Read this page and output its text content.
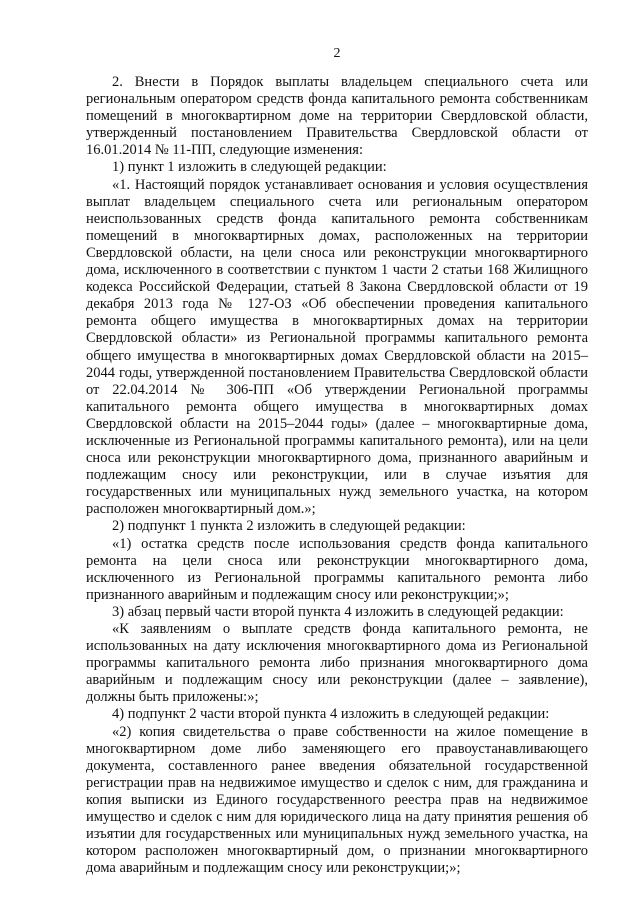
2

2. Внести в Порядок выплаты владельцем специального счета или региональным оператором средств фонда капитального ремонта собственникам помещений в многоквартирном доме на территории Свердловской области, утвержденный постановлением Правительства Свердловской области от 16.01.2014 № 11-ПП, следующие изменения:

1) пункт 1 изложить в следующей редакции:

«1. Настоящий порядок устанавливает основания и условия осуществления выплат владельцем специального счета или региональным оператором неиспользованных средств фонда капитального ремонта собственникам помещений в многоквартирных домах, расположенных на территории Свердловской области, на цели сноса или реконструкции многоквартирного дома, исключенного в соответствии с пунктом 1 части 2 статьи 168 Жилищного кодекса Российской Федерации, статьей 8 Закона Свердловской области от 19 декабря 2013 года № 127-ОЗ «Об обеспечении проведения капитального ремонта общего имущества в многоквартирных домах на территории Свердловской области» из Региональной программы капитального ремонта общего имущества в многоквартирных домах Свердловской области на 2015–2044 годы, утвержденной постановлением Правительства Свердловской области от 22.04.2014 № 306-ПП «Об утверждении Региональной программы капитального ремонта общего имущества в многоквартирных домах Свердловской области на 2015–2044 годы» (далее – многоквартирные дома, исключенные из Региональной программы капитального ремонта), или на цели сноса или реконструкции многоквартирного дома, признанного аварийным и подлежащим сносу или реконструкции, или в случае изъятия для государственных или муниципальных нужд земельного участка, на котором расположен многоквартирный дом.»;

2) подпункт 1 пункта 2 изложить в следующей редакции:

«1) остатка средств после использования средств фонда капитального ремонта на цели сноса или реконструкции многоквартирного дома, исключенного из Региональной программы капитального ремонта либо признанного аварийным и подлежащим сносу или реконструкции;»;

3) абзац первый части второй пункта 4 изложить в следующей редакции:

«К заявлениям о выплате средств фонда капитального ремонта, не использованных на дату исключения многоквартирного дома из Региональной программы капитального ремонта либо признания многоквартирного дома аварийным и подлежащим сносу или реконструкции (далее – заявление), должны быть приложены:»;

4) подпункт 2 части второй пункта 4 изложить в следующей редакции:

«2) копия свидетельства о праве собственности на жилое помещение в многоквартирном доме либо заменяющего его правоустанавливающего документа, составленного ранее введения обязательной государственной регистрации прав на недвижимое имущество и сделок с ним, для гражданина и копия выписки из Единого государственного реестра прав на недвижимое имущество и сделок с ним для юридического лица на дату принятия решения об изъятии для государственных или муниципальных нужд земельного участка, на котором расположен многоквартирный дом, о признании многоквартирного дома аварийным и подлежащим сносу или реконструкции;»;
